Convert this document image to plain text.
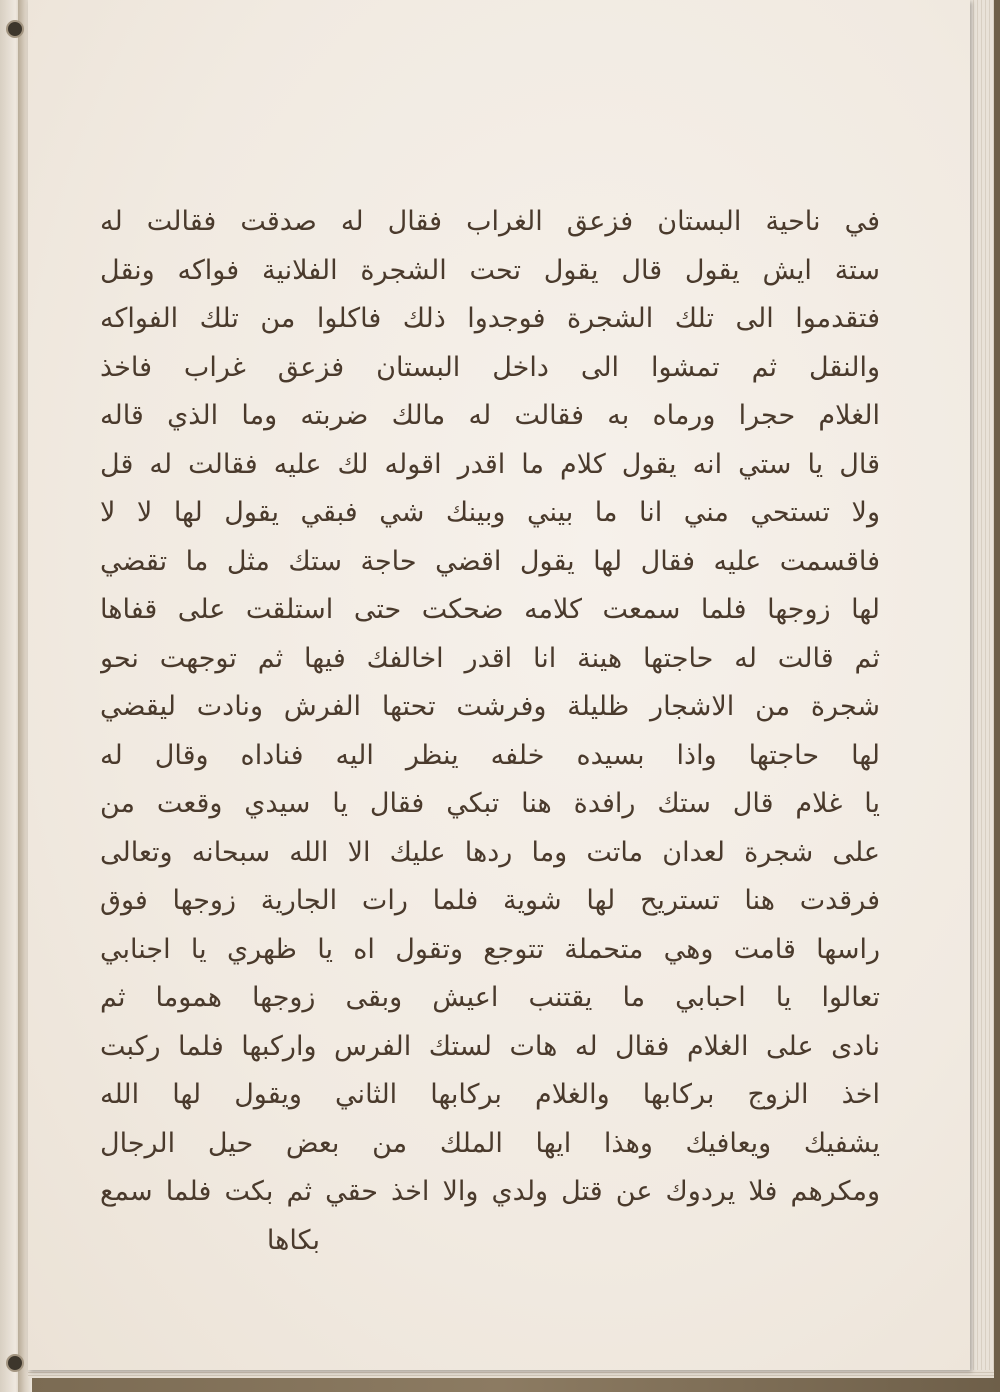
في ناحية البستان فزعق الغراب فقال له صدقت فقالت له
ستة ايش يقول قال يقول تحت الشجرة الفلانية فواكه ونقل
فتقدموا الى تلك الشجرة فوجدوا ذلك فاكلوا من تلك الفواكه
والنقل ثم تمشوا الى داخل البستان فزعق غراب فاخذ
الغلام حجرا ورماه به فقالت له مالك ضربته وما الذي قاله
قال يا ستي انه يقول كلام ما اقدر اقوله لك عليه فقالت له قل
ولا تستحي مني انا ما بيني وبينك شي فبقي يقول لها لا لا
فاقسمت عليه فقال لها يقول اقضي حاجة ستك مثل ما تقضي
لها زوجها فلما سمعت كلامه ضحكت حتى استلقت على قفاها
ثم قالت له حاجتها هينة انا اقدر اخالفك فيها ثم توجهت نحو
شجرة من الاشجار ظليلة وفرشت تحتها الفرش ونادت ليقضي
لها حاجتها واذا بسيده خلفه ينظر اليه فناداه وقال له
يا غلام قال ستك رافدة هنا تبكي فقال يا سيدي وقعت من
على شجرة لعدان ماتت وما ردها عليك الا الله سبحانه وتعالى
فرقدت هنا تستريح لها شوية فلما رات الجارية زوجها فوق
راسها قامت وهي متحملة تتوجع وتقول اه يا ظهري يا اجنابي
تعالوا يا احبابي ما يقتنب اعيش وبقى زوجها هموما ثم
نادى على الغلام فقال له هات لستك الفرس واركبها فلما ركبت
اخذ الزوج بركابها والغلام بركابها الثاني ويقول لها الله
يشفيك ويعافيك وهذا ايها الملك من بعض حيل الرجال
ومكرهم فلا يردوك عن قتل ولدي والا اخذ حقي ثم بكت فلما سمع
بكاها
